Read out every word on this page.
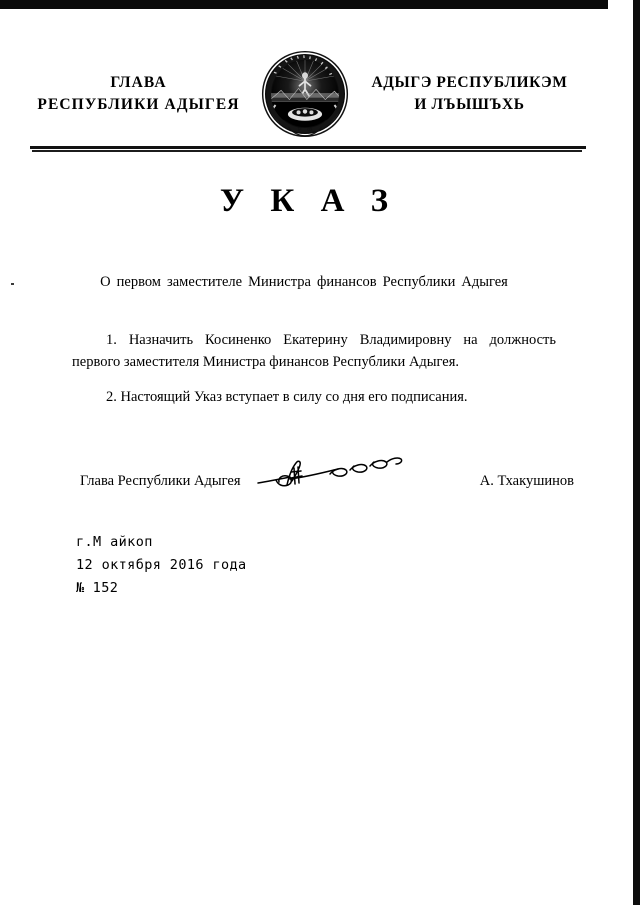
ГЛАВА
РЕСПУБЛИКИ АДЫГЕЯ
Р Ф
АДЫГЭ РЕСПУБЛИКЭМ
И ЛЪЫШЪХЬ
У К А З
О первом заместителе Министра финансов Республики Адыгея
1. Назначить Косиненко Екатерину Владимировну на должность первого заместителя Министра финансов Республики Адыгея.
2. Настоящий Указ вступает в силу со дня его подписания.
Глава Республики Адыгея	А. Тхакушинов
г.М айкоп
12 октября 2016 года
№ 152
